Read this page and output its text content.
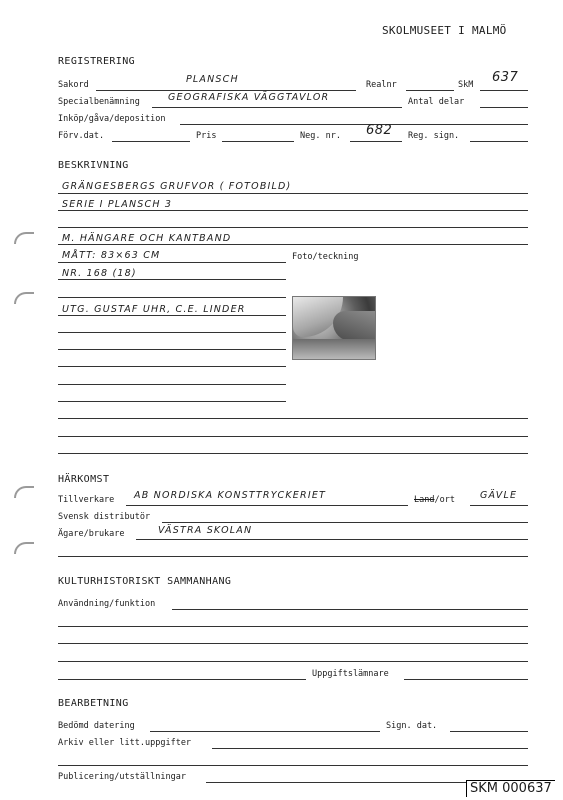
SKOLMUSEET I MALMÖ
REGISTRERING
Sakord	PLANSCH	Realnr	SkM 637
Specialbenämning	GEOGRAFISKA VÄGGTAVLOR	Antal delar
Inköp/gåva/deposition
Förv.dat.	Pris	Neg. nr. 682 Reg. sign.
BESKRIVNING
GRÄNGESBERGS GRUFVOR ( FOTOBILD)
SERIE I PLANSCH 3
M. HÄNGARE OCH KANTBAND
MÅTT: 83×63 CM	Foto/teckning
NR. 168 (18)
UTG. GUSTAF UHR, C.E. LINDER
HÄRKOMST
Tillverkare AB NORDISKA KONSTTRYCKERIET	Land/ort	GÄVLE
Svensk distributör
Ägare/brukare	VÄSTRA SKOLAN
KULTURHISTORISKT SAMMANHANG
Användning/funktion
Uppgiftslämnare
BEARBETNING
Bedömd datering	Sign. dat.
Arkiv eller litt.uppgifter
Publicering/utställningar
SKM 000637
